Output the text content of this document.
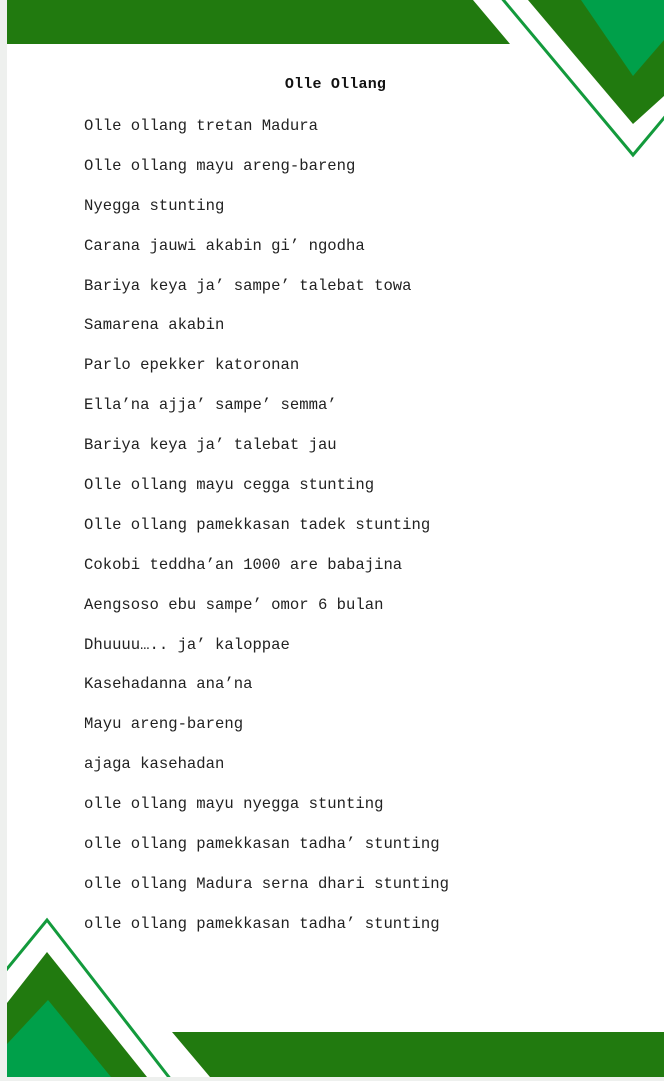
Olle Ollang
Olle ollang tretan Madura
Olle ollang mayu areng-bareng
Nyegga stunting
Carana jauwi akabin gi’ ngodha
Bariya keya ja’ sampe’ talebat towa
Samarena akabin
Parlo epekker katoronan
Ella’na ajja’ sampe’ semma’
Bariya keya ja’ talebat jau
Olle ollang mayu cegga stunting
Olle ollang pamekkasan tadek stunting
Cokobi teddha’an 1000 are babajina
Aengsoso ebu sampe’ omor 6 bulan
Dhuuuu….. ja’ kaloppae
Kasehadanna ana’na
Mayu areng-bareng
ajaga kasehadan
olle ollang mayu nyegga stunting
olle ollang pamekkasan tadha’ stunting
olle ollang Madura serna dhari stunting
olle ollang pamekkasan tadha’ stunting
